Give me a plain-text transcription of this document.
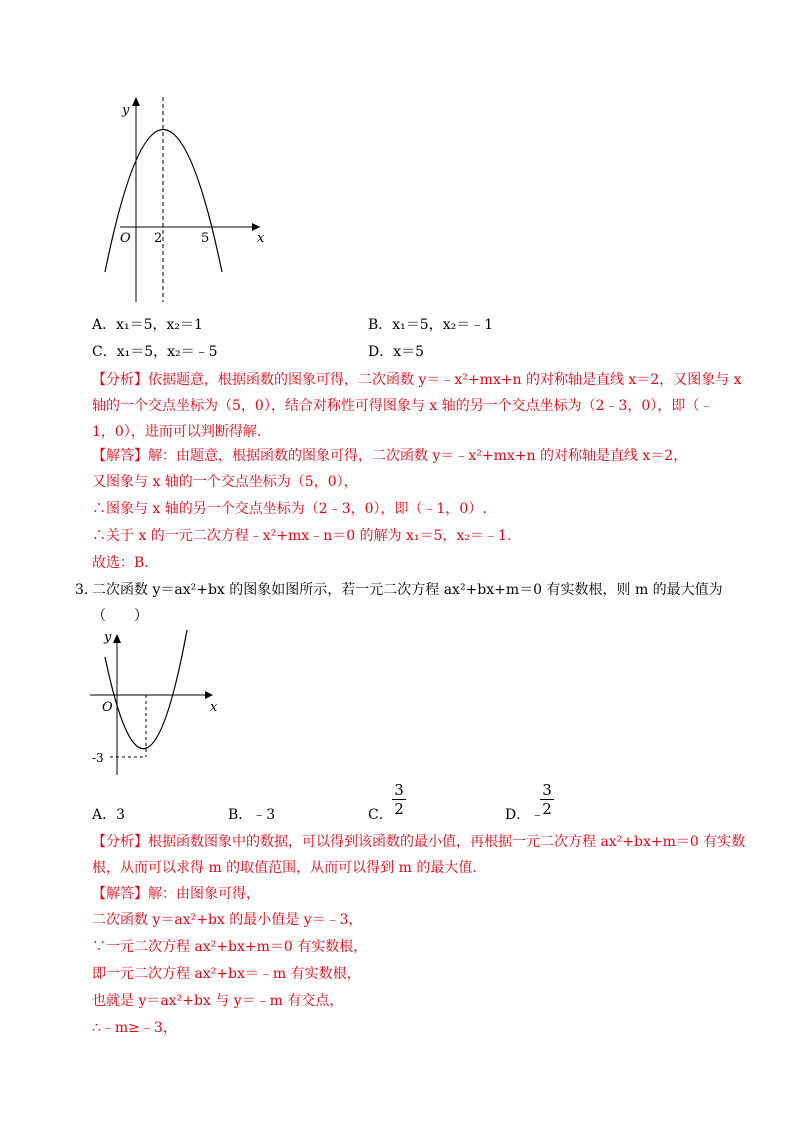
y
x
O 2	5
A．x₁＝5，x₂＝1	B．x₁＝5，x₂＝﹣1
C．x₁＝5，x₂＝﹣5	D．x＝5
【分析】依据题意，根据函数的图象可得，二次函数 y＝﹣x²+mx+n 的对称轴是直线 x＝2，又图象与 x
轴的一个交点坐标为（5，0），结合对称性可得图象与 x 轴的另一个交点坐标为（2﹣3，0），即（﹣
1，0），进而可以判断得解.
【解答】解：由题意，根据函数的图象可得，二次函数 y＝﹣x²+mx+n 的对称轴是直线 x＝2，
又图象与 x 轴的一个交点坐标为（5，0），
∴图象与 x 轴的另一个交点坐标为（2﹣3，0），即（﹣1，0）.
∴关于 x 的一元二次方程﹣x²+mx﹣n＝0 的解为 x₁＝5，x₂＝﹣1.
故选：B.
3．
二次函数 y＝ax²+bx 的图象如图所示，若一元二次方程 ax²+bx+m＝0 有实数根，则 m 的最大值为
（　　）
y
x
O
-3
A．3	B．﹣3	C．
3
2	D．﹣
3
2
【分析】根据函数图象中的数据，可以得到该函数的最小值，再根据一元二次方程 ax²+bx+m＝0 有实数
根，从而可以求得 m 的取值范围，从而可以得到 m 的最大值.
【解答】解：由图象可得，
二次函数 y＝ax²+bx 的最小值是 y＝﹣3，
∵一元二次方程 ax²+bx+m＝0 有实数根，
即一元二次方程 ax²+bx＝﹣m 有实数根，
也就是 y＝ax²+bx 与 y＝﹣m 有交点，
∴﹣m≥﹣3，
